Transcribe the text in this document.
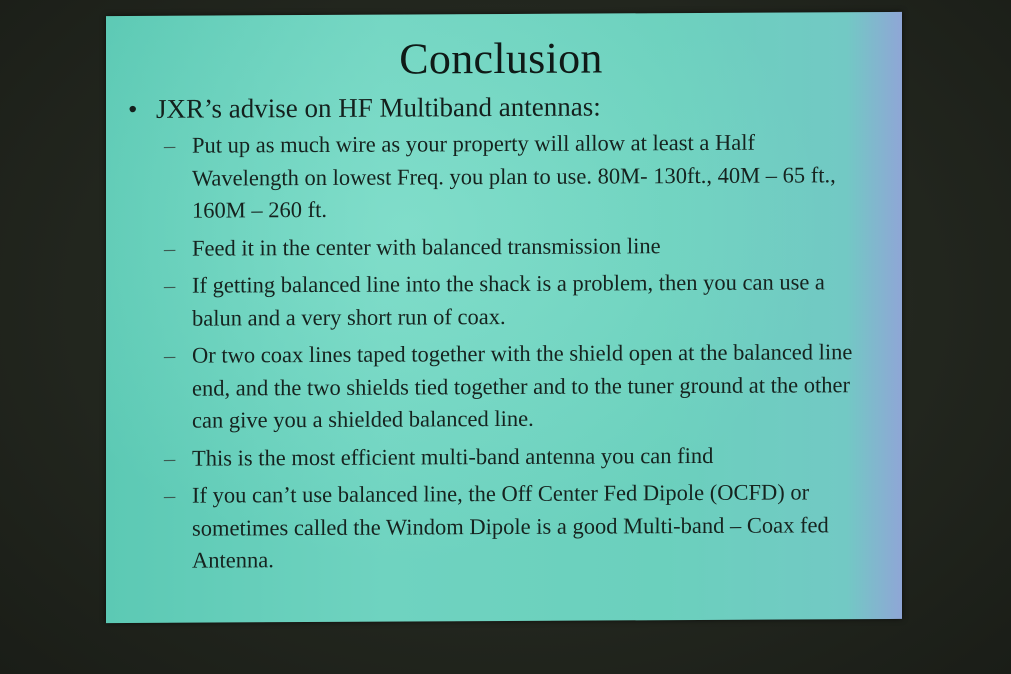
Conclusion
• JXR’s advise on HF Multiband antennas:
– Put up as much wire as your property will allow at least a Half Wavelength on lowest Freq. you plan to use. 80M- 130ft., 40M – 65 ft., 160M – 260 ft.
– Feed it in the center with balanced transmission line
– If getting balanced line into the shack is a problem, then you can use a balun and a very short run of coax.
– Or two coax lines taped together with the shield open at the balanced line end, and the two shields tied together and to the tuner ground at the other can give you a shielded balanced line.
– This is the most efficient multi-band antenna you can find
– If you can’t use balanced line, the Off Center Fed Dipole (OCFD) or sometimes called the Windom Dipole is a good Multi-band – Coax fed Antenna.
